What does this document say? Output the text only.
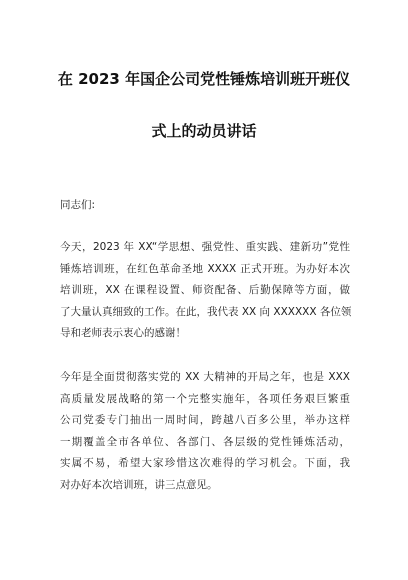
在 2023 年国企公司党性锤炼培训班开班仪
式上的动员讲话
同志们:
今天，2023 年 XX“学思想、强党性、重实践、建新功”党性
锤炼培训班，在红色革命圣地 XXXX 正式开班。为办好本次
培训班，XX 在课程设置、师资配备、后勤保障等方面，做
了大量认真细致的工作。在此，我代表 XX 向 XXXXXX 各位领
导和老师表示衷心的感谢！
今年是全面贯彻落实党的 XX 大精神的开局之年，也是 XXX
高质量发展战略的第一个完整实施年，各项任务艰巨繁重
公司党委专门抽出一周时间，跨越八百多公里，举办这样
一期覆盖全市各单位、各部门、各层级的党性锤炼活动，
实属不易，希望大家珍惜这次难得的学习机会。下面，我
对办好本次培训班，讲三点意见。
